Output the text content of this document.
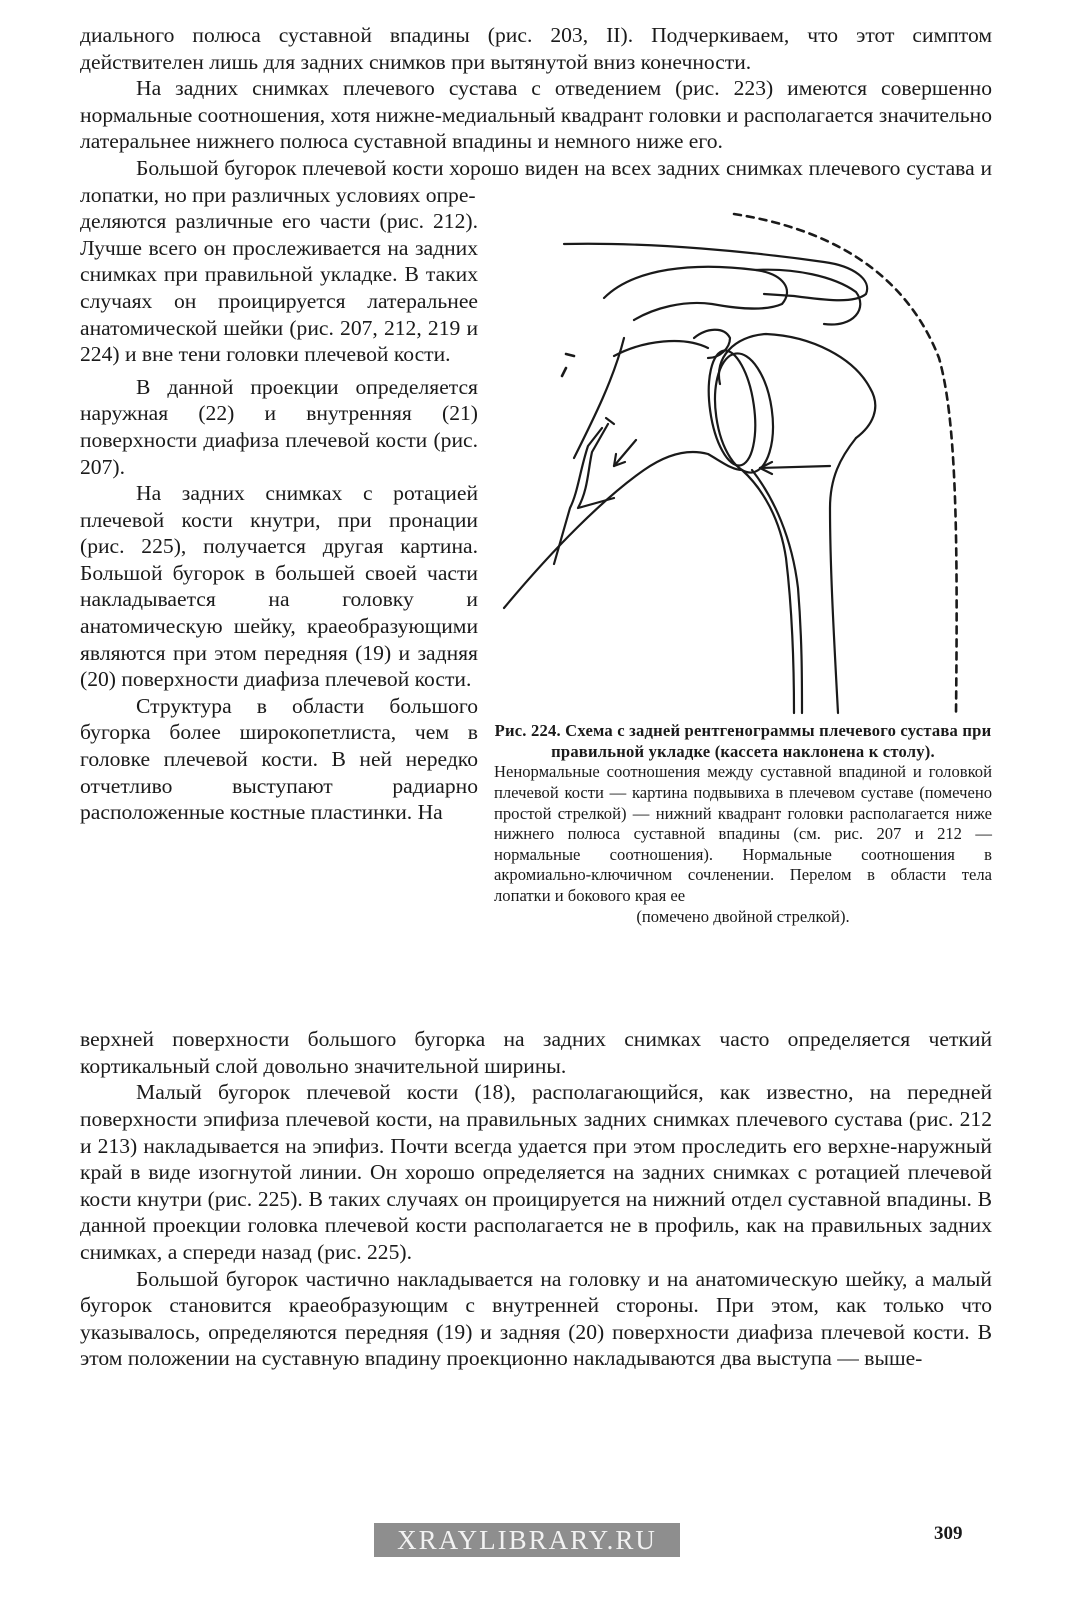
диального полюса суставной впадины (рис. 203, II). Подчеркиваем, что этот симптом действителен лишь для задних снимков при вытянутой вниз конечности.

На задних снимках плечевого сустава с отведением (рис. 223) имеются совершенно нормальные соотношения, хотя нижне-медиальный квадрант головки и располагается значительно латеральнее нижнего полюса суставной впадины и немного ниже его.

Большой бугорок плечевой кости хорошо виден на всех задних снимках плечевого сустава и лопатки, но при различных условиях опре-

деляются различные его части (рис. 212). Лучше всего он прослеживается на задних снимках при правильной укладке. В таких случаях он проицируется латеральнее анатомической шейки (рис. 207, 212, 219 и 224) и вне тени головки плечевой кости.

В данной проекции определяется наружная (22) и внутренняя (21) поверхности диафиза плечевой кости (рис. 207).

На задних снимках с ротацией плечевой кости кнутри, при пронации (рис. 225), получается другая картина. Большой бугорок в большей своей части накладывается на головку и анатомическую шейку, краеобразующими являются при этом передняя (19) и задняя (20) поверхности диафиза плечевой кости.

Структура в области большого бугорка более широкопетлиста, чем в головке плечевой кости. В ней нередко отчетливо выступают радиарно расположенные костные пластинки. На

Рис. 224. Схема с задней рентгенограммы плечевого сустава при правильной укладке (кассета наклонена к столу).

Ненормальные соотношения между суставной впадиной и головкой плечевой кости — картина подвывиха в плечевом суставе (помечено простой стрелкой) — нижний квадрант головки располагается ниже нижнего полюса суставной впадины (см. рис. 207 и 212 — нормальные соотношения). Нормальные соотношения в акромиально-ключичном сочленении. Перелом в области тела лопатки и бокового края ее
(помечено двойной стрелкой).

верхней поверхности большого бугорка на задних снимках часто определяется четкий кортикальный слой довольно значительной ширины.

Малый бугорок плечевой кости (18), располагающийся, как известно, на передней поверхности эпифиза плечевой кости, на правильных задних снимках плечевого сустава (рис. 212 и 213) накладывается на эпифиз. Почти всегда удается при этом проследить его верхне-наружный край в виде изогнутой линии. Он хорошо определяется на задних снимках с ротацией плечевой кости кнутри (рис. 225). В таких случаях он проицируется на нижний отдел суставной впадины. В данной проекции головка плечевой кости располагается не в профиль, как на правильных задних снимках, а спереди назад (рис. 225).

Большой бугорок частично накладывается на головку и на анатомическую шейку, а малый бугорок становится краеобразующим с внутренней стороны. При этом, как только что указывалось, определяются передняя (19) и задняя (20) поверхности диафиза плечевой кости. В этом положении на суставную впадину проекционно накладываются два выступа — выше-

XRAYLIBRARY.RU	309
